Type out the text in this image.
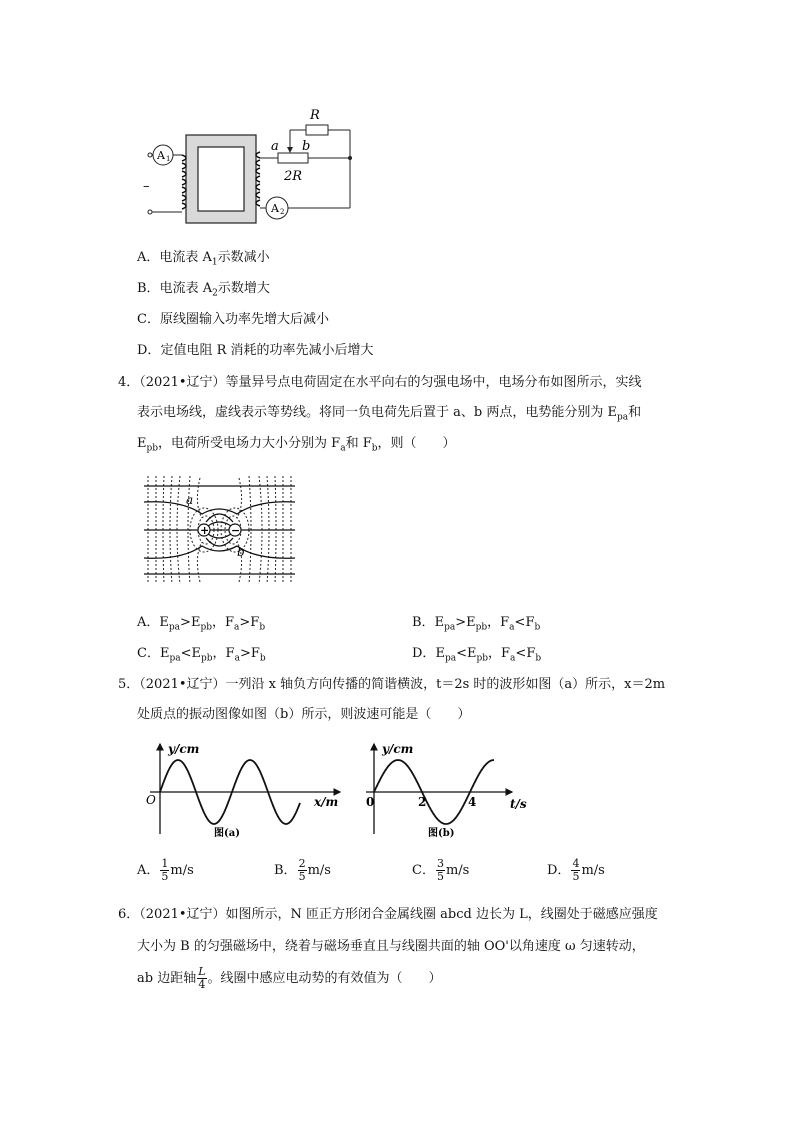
R
a b
2R
A 1
A 2
–
A．电流表 $A_1$示数减小
B．电流表 $A_2$示数增大
C．原线圈输入功率先增大后减小
D．定值电阻 R 消耗的功率先减小后增大
4．（2021•辽宁）等量异号点电荷固定在水平向右的匀强电场中，电场分布如图所示，实线
表示电场线，虚线表示等势线。将同一负电荷先后置于 a、b 两点，电势能分别为 $E_{pa}$和
$E_{pb}$，电荷所受电场力大小分别为 $F_a$和 $F_b$，则（　　）
+ −
a
b
A．$E_{pa}>E_{pb}$，$F_a>F_b$	B．$E_{pa}>E_{pb}$，$F_a<F_b$
C．$E_{pa}<E_{pb}$，$F_a>F_b$	D．$E_{pa}<E_{pb}$，$F_a<F_b$
5．（2021•辽宁）一列沿 x 轴负方向传播的简谐横波，t＝2s 时的波形如图（a）所示，x＝2m
处质点的振动图像如图（b）所示，则波速可能是（　　）
y/cm
x/m
O
图(a)
y/cm
t/s
0	2	4
图(b)
A． $\frac{1}{5} m/s$	B． $\frac{2}{5} m/s$	C． $\frac{3}{5} m/s$	D． $\frac{4}{5} m/s$
6．（2021•辽宁）如图所示，N 匝正方形闭合金属线圈 abcd 边长为 L，线圈处于磁感应强度
大小为 B 的匀强磁场中，绕着与磁场垂直且与线圈共面的轴 OO'以角速度 ω 匀速转动，
ab 边距轴 $\frac{L}{4}$ 。线圈中感应电动势的有效值为（　　）
